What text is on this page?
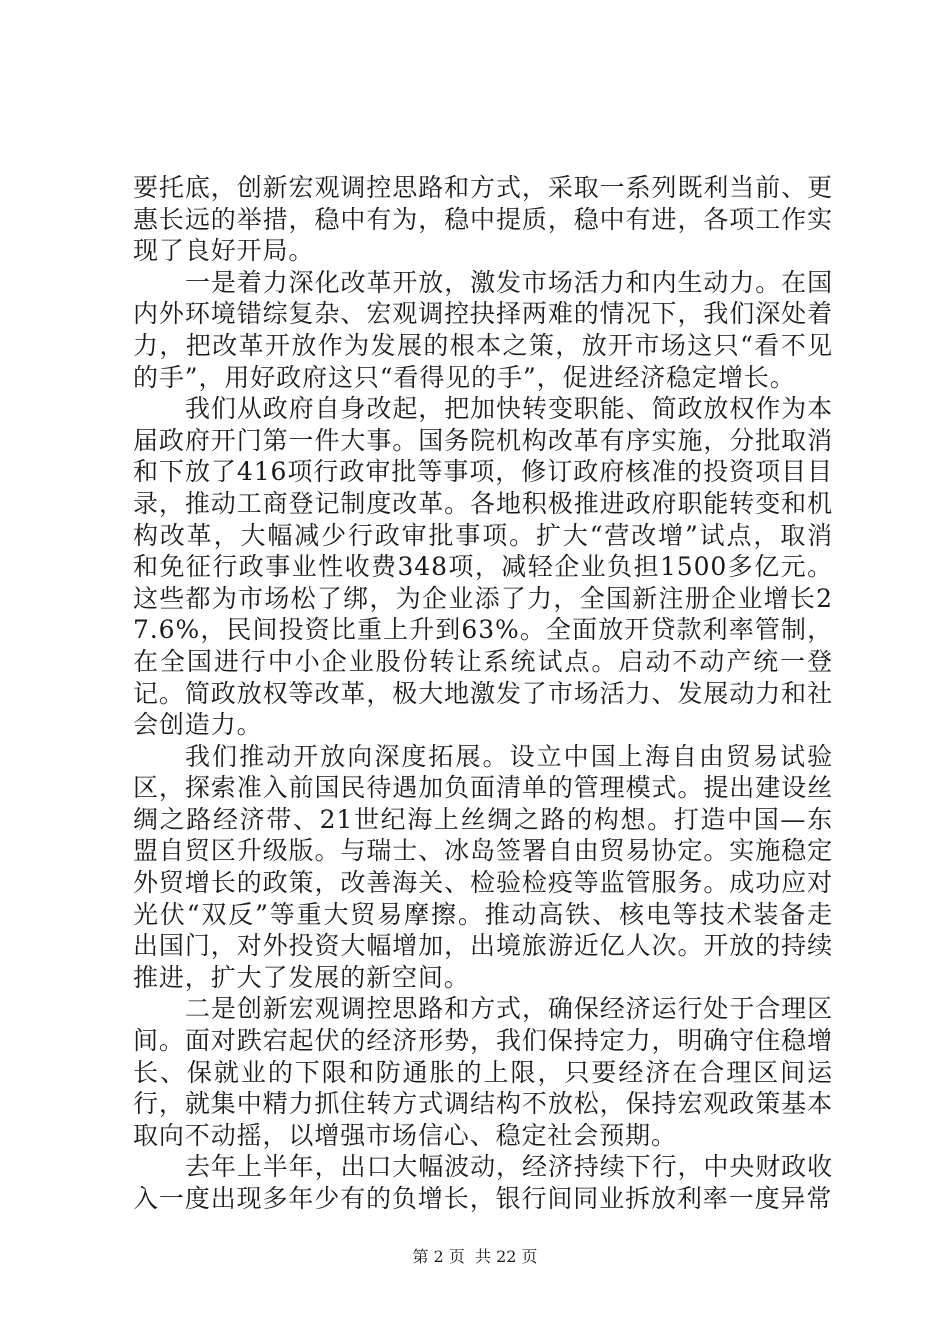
要托底，创新宏观调控思路和方式，采取一系列既利当前、更惠长远的举措，稳中有为，稳中提质，稳中有进，各项工作实现了良好开局。

一是着力深化改革开放，激发市场活力和内生动力。在国内外环境错综复杂、宏观调控抉择两难的情况下，我们深处着力，把改革开放作为发展的根本之策，放开市场这只“看不见的手”，用好政府这只“看得见的手”，促进经济稳定增长。

我们从政府自身改起，把加快转变职能、简政放权作为本届政府开门第一件大事。国务院机构改革有序实施，分批取消和下放了416项行政审批等事项，修订政府核准的投资项目目录，推动工商登记制度改革。各地积极推进政府职能转变和机构改革，大幅减少行政审批事项。扩大“营改增”试点，取消和免征行政事业性收费348项，减轻企业负担1500多亿元。这些都为市场松了绑，为企业添了力，全国新注册企业增长27.6%，民间投资比重上升到63%。全面放开贷款利率管制，在全国进行中小企业股份转让系统试点。启动不动产统一登记。简政放权等改革，极大地激发了市场活力、发展动力和社会创造力。

我们推动开放向深度拓展。设立中国上海自由贸易试验区，探索准入前国民待遇加负面清单的管理模式。提出建设丝绸之路经济带、21世纪海上丝绸之路的构想。打造中国—东盟自贸区升级版。与瑞士、冰岛签署自由贸易协定。实施稳定外贸增长的政策，改善海关、检验检疫等监管服务。成功应对光伏“双反”等重大贸易摩擦。推动高铁、核电等技术装备走出国门，对外投资大幅增加，出境旅游近亿人次。开放的持续推进，扩大了发展的新空间。

二是创新宏观调控思路和方式，确保经济运行处于合理区间。面对跌宕起伏的经济形势，我们保持定力，明确守住稳增长、保就业的下限和防通胀的上限，只要经济在合理区间运行，就集中精力抓住转方式调结构不放松，保持宏观政策基本取向不动摇，以增强市场信心、稳定社会预期。

去年上半年，出口大幅波动，经济持续下行，中央财政收入一度出现多年少有的负增长，银行间同业拆放利率一度异常

第 2 页  共 22 页
